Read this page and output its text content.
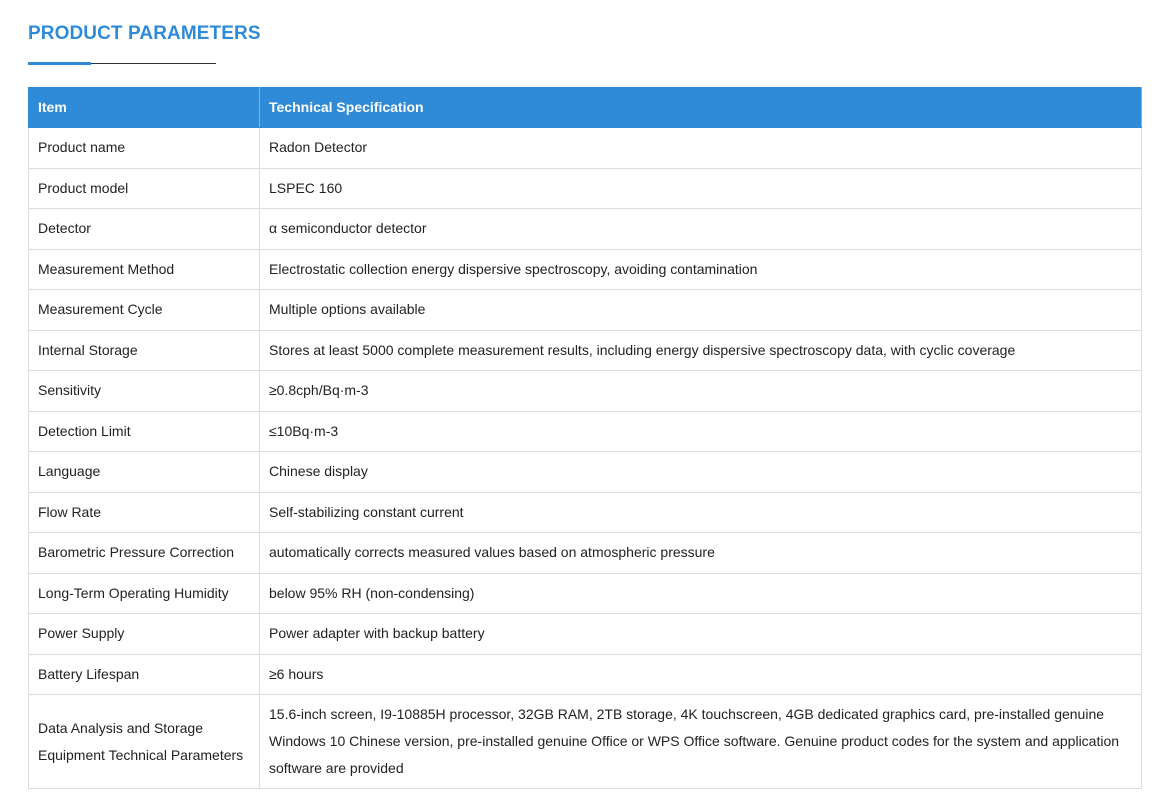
PRODUCT PARAMETERS
Item	Technical Specification
Product name	Radon Detector
Product model	LSPEC 160
Detector	α semiconductor detector
Measurement Method	Electrostatic collection energy dispersive spectroscopy, avoiding contamination
Measurement Cycle	Multiple options available
Internal Storage	Stores at least 5000 complete measurement results, including energy dispersive spectroscopy data, with cyclic coverage
Sensitivity	≥0.8cph/Bq·m-3
Detection Limit	≤10Bq·m-3
Language	Chinese display
Flow Rate	Self-stabilizing constant current
Barometric Pressure Correction	automatically corrects measured values based on atmospheric pressure
Long-Term Operating Humidity	below 95% RH (non-condensing)
Power Supply	Power adapter with backup battery
Battery Lifespan	≥6 hours
Data Analysis and Storage Equipment Technical Parameters	15.6-inch screen, I9-10885H processor, 32GB RAM, 2TB storage, 4K touchscreen, 4GB dedicated graphics card, pre-installed genuine Windows 10 Chinese version, pre-installed genuine Office or WPS Office software. Genuine product codes for the system and application software are provided
